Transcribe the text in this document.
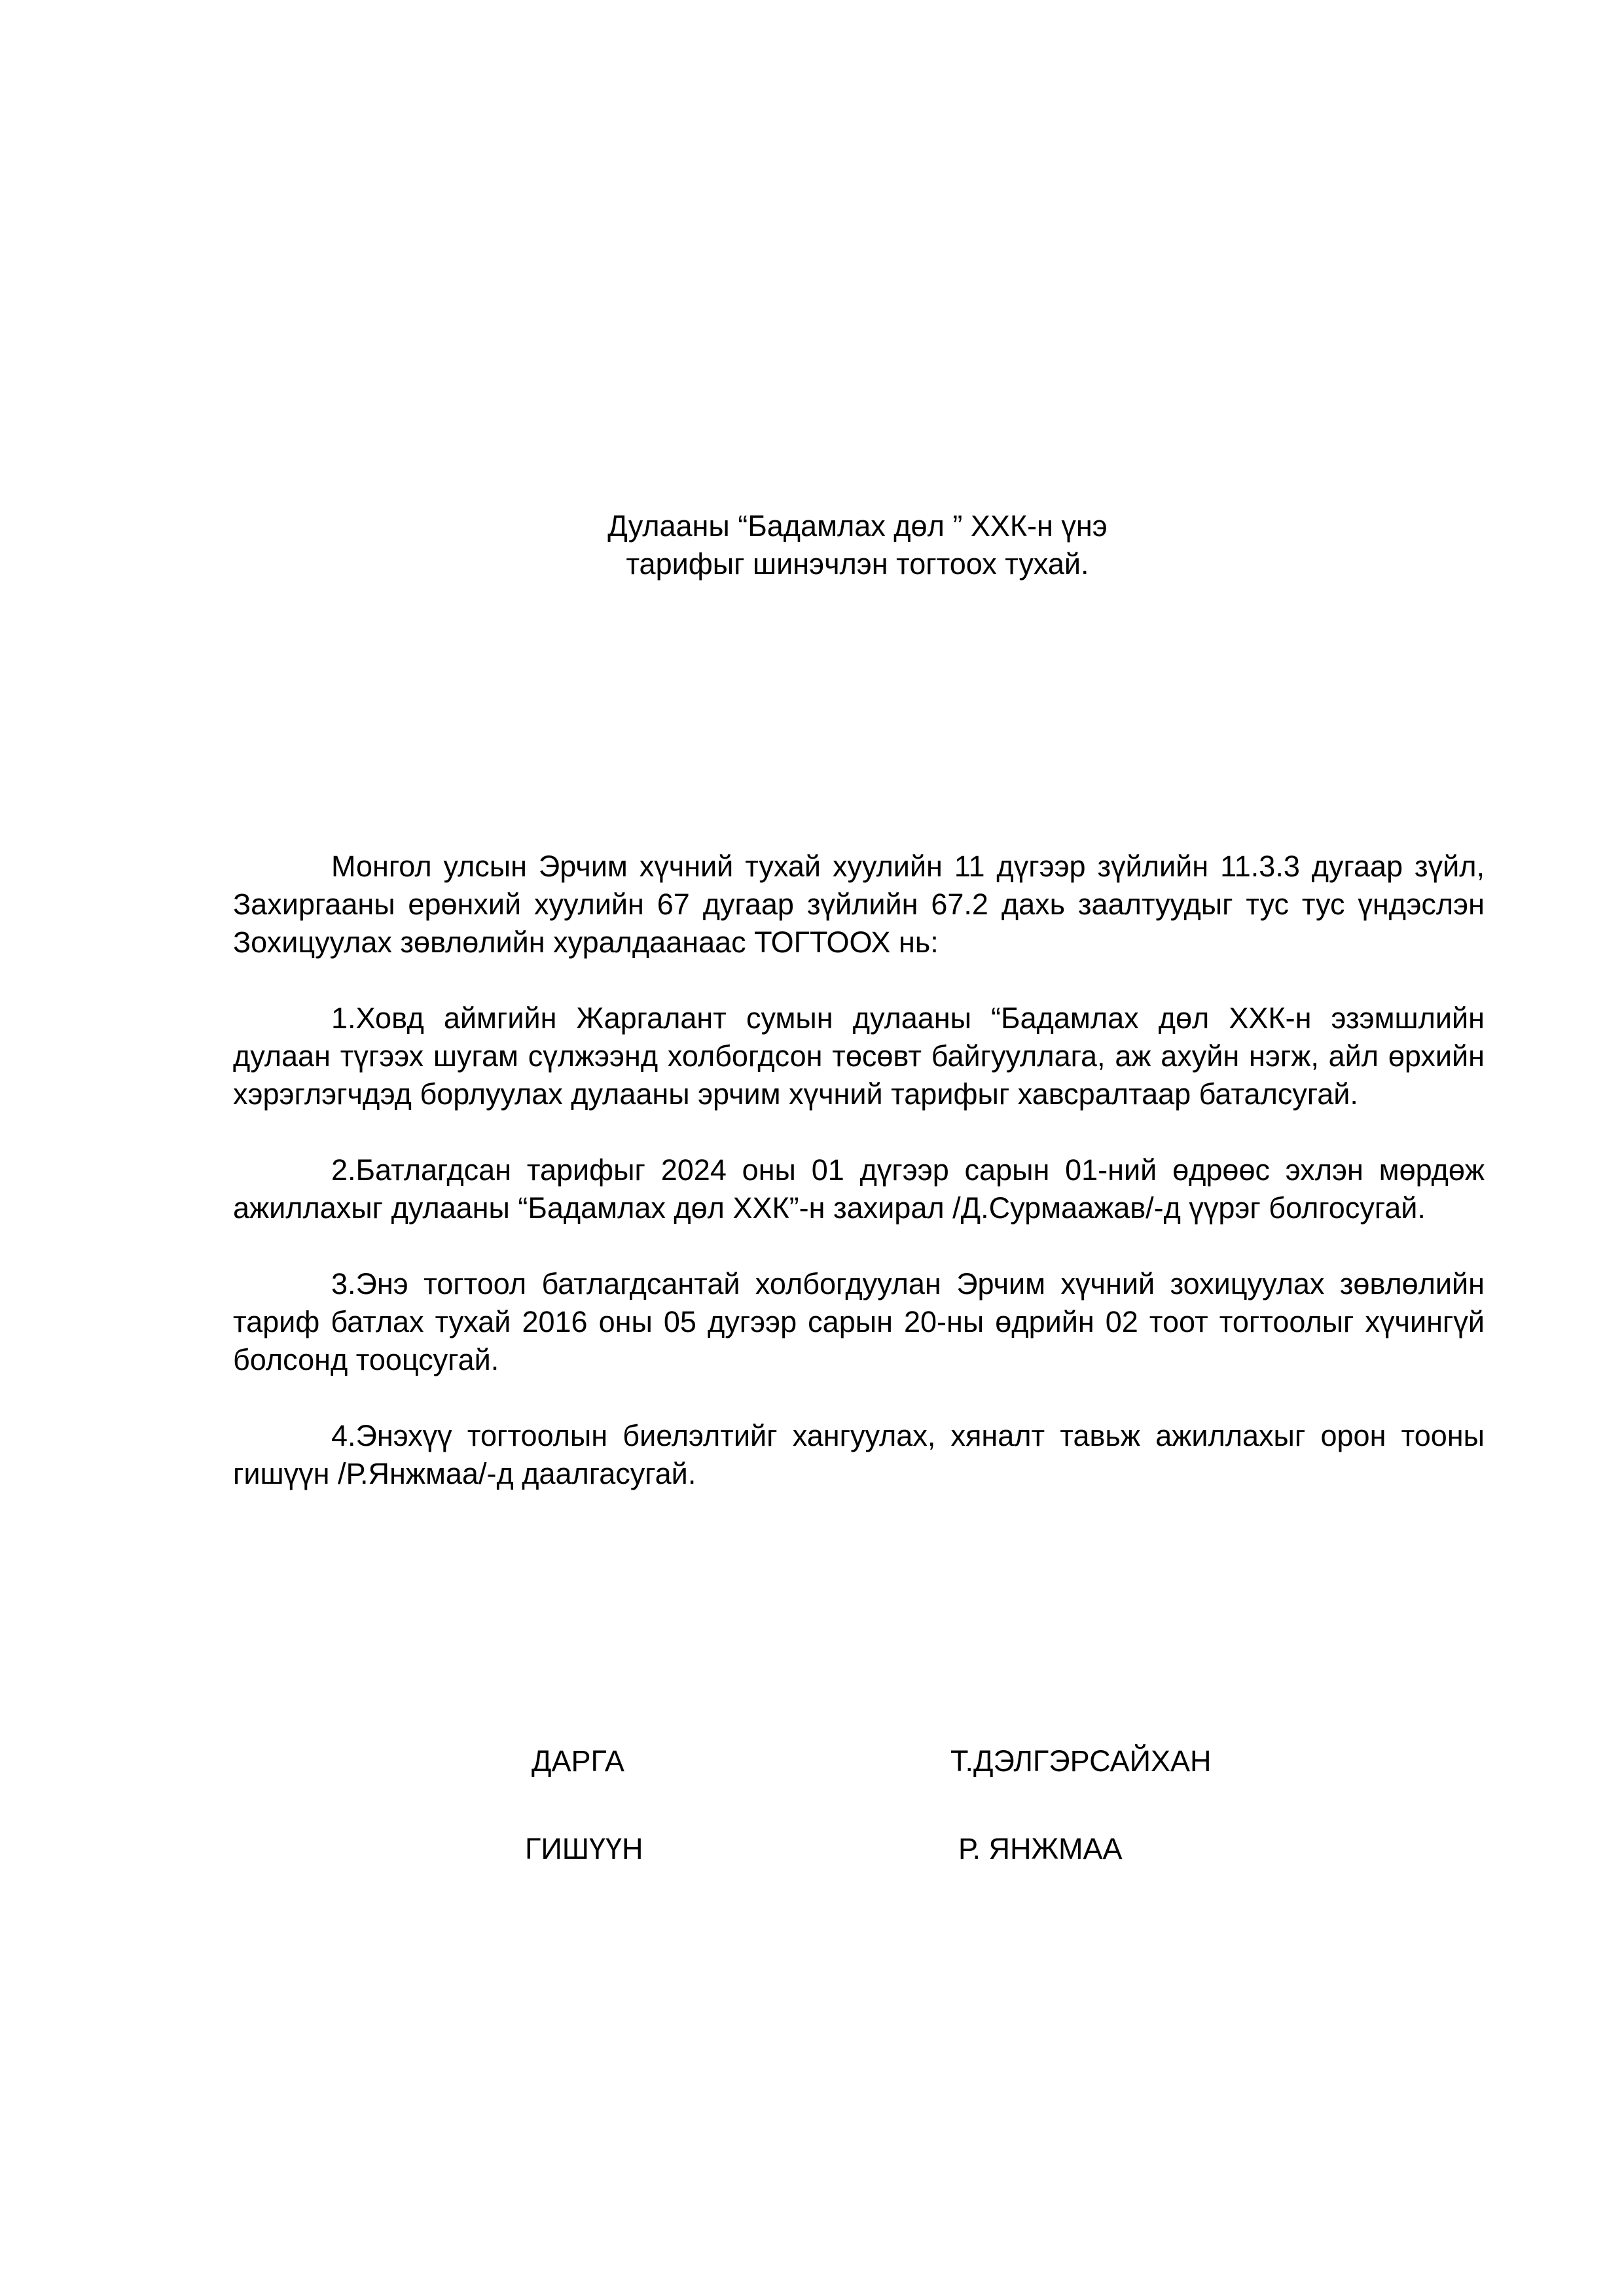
Дулааны “Бадамлах дөл ” ХХК-н үнэ
тарифыг шинэчлэн тогтоох тухай.

Монгол улсын Эрчим хүчний тухай хуулийн 11 дүгээр зүйлийн 11.3.3 дугаар зүйл, Захиргааны ерөнхий хуулийн 67 дугаар зүйлийн 67.2 дахь заалтуудыг тус тус үндэслэн Зохицуулах зөвлөлийн хуралдаанаас ТОГТООХ нь:

1.Ховд аймгийн Жаргалант сумын дулааны “Бадамлах дөл ХХК-н эзэмшлийн дулаан түгээх шугам сүлжээнд холбогдсон төсөвт байгууллага, аж ахуйн нэгж, айл өрхийн хэрэглэгчдэд борлуулах дулааны эрчим хүчний тарифыг хавсралтаар баталсугай.

2.Батлагдсан тарифыг 2024 оны 01 дүгээр сарын 01-ний өдрөөс эхлэн мөрдөж ажиллахыг дулааны “Бадамлах дөл ХХК”-н захирал /Д.Сурмаажав/-д үүрэг болгосугай.

3.Энэ тогтоол батлагдсантай холбогдуулан Эрчим хүчний зохицуулах зөвлөлийн тариф батлах тухай 2016 оны 05 дугээр сарын 20-ны өдрийн 02 тоот тогтоолыг хүчингүй болсонд тооцсугай.

4.Энэхүү тогтоолын биелэлтийг хангуулах, хяналт тавьж ажиллахыг орон тооны гишүүн /Р.Янжмаа/-д даалгасугай.

ДАРГА	Т.ДЭЛГЭРСАЙХАН
ГИШҮҮН	Р. ЯНЖМАА
